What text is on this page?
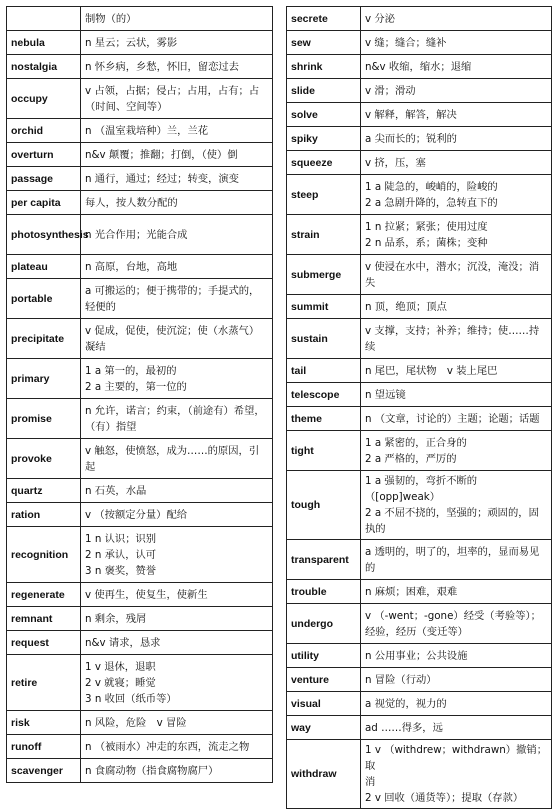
	制物（的）
nebula	n 星云；云状，雾影
nostalgia	n 怀乡病，乡愁，怀旧，留恋过去
occupy	v 占领，占据；侵占；占用，占有；占
（时间、空间等）
orchid	n （温室栽培种）兰，兰花
overturn	n&v 颠覆；推翻；打倒，（使）倒
passage	n 通行，通过；经过；转变，演变
per capita	每人，按人数分配的
photosynthesis	n 光合作用；光能合成
plateau	n 高原，台地，高地
portable	a 可搬运的；便于携带的；手提式的，
轻便的
precipitate	v 促成，促使，使沉淀；使（水蒸气）
凝结
primary	1 a 第一的，最初的
2 a 主要的，第一位的
promise	n 允许，诺言；约束，（前途有）希望，
（有）指望
provoke	v 触怒，使愤怒，成为……的原因，引
起
quartz	n 石英，水晶
ration	v （按额定分量）配给
recognition	1 n 认识；识别
2 n 承认，认可
3 n 褒奖，赞誉
regenerate	v 使再生，使复生，使新生
remnant	n 剩余，残屑
request	n&v 请求，恳求
retire	1 v 退休，退职
2 v 就寝；睡觉
3 n 收回（纸币等）
risk	n 风险，危险　v 冒险
runoff	n （被雨水）冲走的东西，流走之物
scavenger	n 食腐动物（指食腐物腐尸）
secrete	v 分泌
sew	v 缝；缝合；缝补
shrink	n&v 收缩，缩水；退缩
slide	v 滑；滑动
solve	v 解释，解答，解决
spiky	a 尖而长的；锐利的
squeeze	v 挤，压，塞
steep	1 a 陡急的，峻峭的，险峻的
2 a 急剧升降的，急转直下的
strain	1 n 拉紧；紧张；使用过度
2 n 品系，系；菌株；变种
submerge	v 使浸在水中，潜水；沉没，淹没；消
失
summit	n 顶，绝顶；顶点
sustain	v 支撑，支持；补养；维持；使……持
续
tail	n 尾巴，尾状物　v 装上尾巴
telescope	n 望远镜
theme	n （文章，讨论的）主题；论题；话题
tight	1 a 紧密的，正合身的
2 a 严格的，严厉的
tough	1 a 强韧的，弯折不断的（[opp]weak）
2 a 不屈不挠的，坚强的；顽固的，固
执的
transparent	a 透明的，明了的，坦率的，显而易见
的
trouble	n 麻烦；困难，艰难
undergo	v （-went；-gone）经受（考验等）；
经验，经历（变迁等）
utility	n 公用事业；公共设施
venture	n 冒险（行动）
visual	a 视觉的，视力的
way	ad ……得多，远
withdraw	1 v （withdrew；withdrawn）撤销；取
消
2 v 回收（通货等）；提取（存款）
